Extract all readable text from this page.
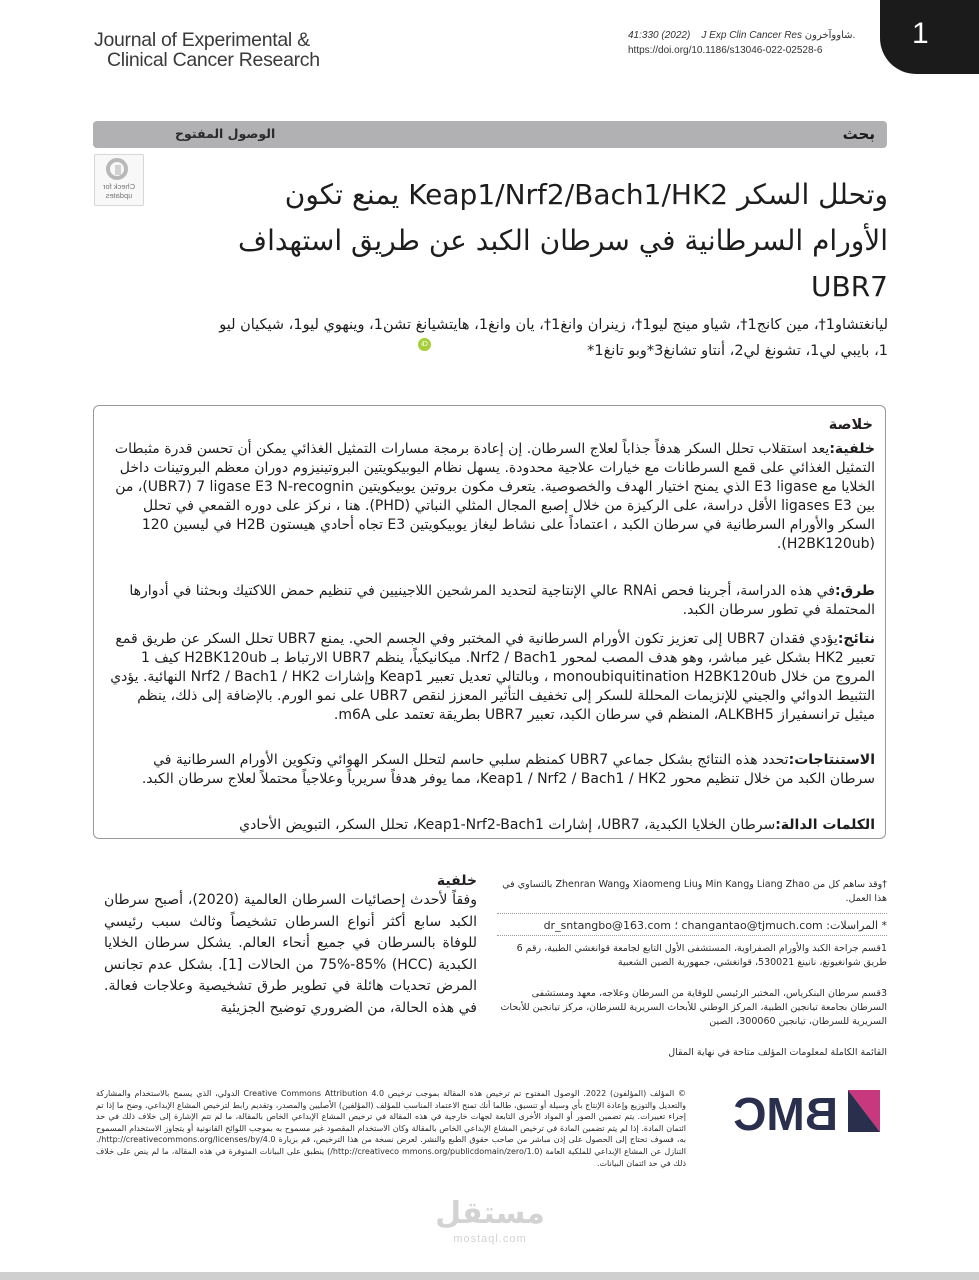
Journal of Experimental &
Clinical Cancer Research
41:330 (2022) J Exp Clin Cancer Res شاووآخرون.
https://doi.org/10.1186/s13046-022-02528-6
1
بحث
الوصول المفتوح
Check for updates	وتحلل السكر Keap1/Nrf2/Bach1/HK2 يمنع تكون الأورام السرطانية في سرطان الكبد عن طريق استهداف UBR7
ليانغتشاو1†، مين كانج1†، شياو مينج ليو1†، زينران وانغ1†، يان وانغ1، هايتشيانغ تشن1، وينهوي ليو1، شيكيان ليو
1، بايبي لي1، تشونغ لي2، أنتاو تشانغ3*وبو تانغ1*
iD
خلاصة
خلفية:يعد استقلاب تحلل السكر هدفاً جذاباً لعلاج السرطان. إن إعادة برمجة مسارات التمثيل الغذائي يمكن أن تحسن قدرة مثبطات التمثيل الغذائي على قمع السرطانات مع خيارات علاجية محدودة. يسهل نظام اليوبيكويتين البروتينيزوم دوران معظم البروتينات داخل الخلايا مع E3 ligase الذي يمنح اختيار الهدف والخصوصية. يتعرف مكون بروتين يوبيكويتين UBR7) 7 ligase E3 N-recognin)، من بين ligases E3 الأقل دراسة، على الركيزة من خلال إصبع المجال المثلي النباتي (PHD). هنا ، نركز على دوره القمعي في تحلل السكر والأورام السرطانية في سرطان الكبد ، اعتماداً على نشاط ليغاز يوبيكويتين E3 تجاه أحادي هيستون H2B في ليسين 120 (H2BK120ub).
طرق:في هذه الدراسة، أجرينا فحص RNAi عالي الإنتاجية لتحديد المرشحين اللاجينيين في تنظيم حمض اللاكتيك وبحثنا في أدوارها المحتملة في تطور سرطان الكبد.
نتائج:يؤدي فقدان UBR7 إلى تعزيز تكون الأورام السرطانية في المختبر وفي الجسم الحي. يمنع UBR7 تحلل السكر عن طريق قمع تعبير HK2 بشكل غير مباشر، وهو هدف المصب لمحور Nrf2 / Bach1. ميكانيكياً، ينظم UBR7 الارتباط بـ H2BK120ub كيف 1 المروج من خلال monoubiquitination H2BK120ub ، وبالتالي تعديل تعبير Keap1 وإشارات Nrf2 / Bach1 / HK2 النهائية. يؤدي التثبيط الدوائي والجيني للإنزيمات المحللة للسكر إلى تخفيف التأثير المعزز لنقص UBR7 على نمو الورم. بالإضافة إلى ذلك، ينظم ميثيل ترانسفيراز ALKBH5، المنظم في سرطان الكبد، تعبير UBR7 بطريقة تعتمد على m6A.
الاستنتاجات:تحدد هذه النتائج بشكل جماعي UBR7 كمنظم سلبي حاسم لتحلل السكر الهوائي وتكوين الأورام السرطانية في سرطان الكبد من خلال تنظيم محور Keap1 / Nrf2 / Bach1 / HK2، مما يوفر هدفاً سريرياً وعلاجياً محتملاً لعلاج سرطان الكبد.
الكلمات الدالة:سرطان الخلايا الكبدية، UBR7، إشارات Keap1-Nrf2-Bach1، تحلل السكر، التبويض الأحادي
خلفية
وفقاً لأحدث إحصائيات السرطان العالمية (2020)، أصبح سرطان الكبد سابع أكثر أنواع السرطان تشخيصاً وثالث سبب رئيسي للوفاة بالسرطان في جميع أنحاء العالم. يشكل سرطان الخلايا الكبدية (HCC) 75%-85% من الحالات [1]. بشكل عدم تجانس المرض تحديات هائلة في تطوير طرق تشخيصية وعلاجات فعالة. في هذه الحالة، من الضروري توضيح الجزيئية
†وقد ساهم كل من Liang Zhao وMin Kang وXiaomeng Liu وZhenran Wang بالتساوي في هذا العمل.
* المراسلات: changantao@tjmuch.com ؛ dr_sntangbo@163.com
1قسم جراحة الكبد والأورام الصفراوية، المستشفى الأول التابع لجامعة قوانغشي الطبية، رقم 6 طريق شوانغيونغ، نانينغ 530021، قوانغشي، جمهورية الصين الشعبية
3قسم سرطان البنكرياس، المختبر الرئيسي للوقاية من السرطان وعلاجه، معهد ومستشفى السرطان بجامعة تيانجين الطبية، المركز الوطني للأبحاث السريرية للسرطان، مركز تيانجين للأبحاث السريرية للسرطان، تيانجين 300060، الصين
القائمة الكاملة لمعلومات المؤلف متاحة في نهاية المقال
© المؤلف (المؤلفون) 2022. الوصول المفتوح تم ترخيص هذه المقالة بموجب ترخيص Creative Commons Attribution 4.0 الدولي، الذي يسمح بالاستخدام والمشاركة والتعديل والتوزيع وإعادة الإنتاج بأي وسيلة أو تنسيق، طالما أنك تمنح الاعتماد المناسب للمؤلف (المؤلفين) الأصليين والمصدر، وتقديم رابط لترخيص المشاع الإبداعي، وضح ما إذا تم إجراء تغييرات. يتم تضمين الصور أو المواد الأخرى التابعة لجهات خارجية في هذه المقالة في ترخيص المشاع الإبداعي الخاص بالمقالة، ما لم تتم الإشارة إلى خلاف ذلك في حد ائتمان المادة. إذا لم يتم تضمين المادة في ترخيص المشاع الإبداعي الخاص بالمقالة وكان الاستخدام المقصود غير مسموح به بموجب اللوائح القانونية أو يتجاوز الاستخدام المسموح به، فسوف تحتاج إلى الحصول على إذن مباشر من صاحب حقوق الطبع والنشر. لعرض نسخة من هذا الترخيص، قم بزيارة http://creativecommons.org/licenses/by/4.0/. التنازل عن المشاع الإبداعي للملكية العامة (http://creativeco mmons.org/publicdomain/zero/1.0/) ينطبق على البيانات المتوفرة في هذه المقالة، ما لم ينص على خلاف ذلك في حد ائتمان البيانات.
BMC
مستقل
mostaql.com
